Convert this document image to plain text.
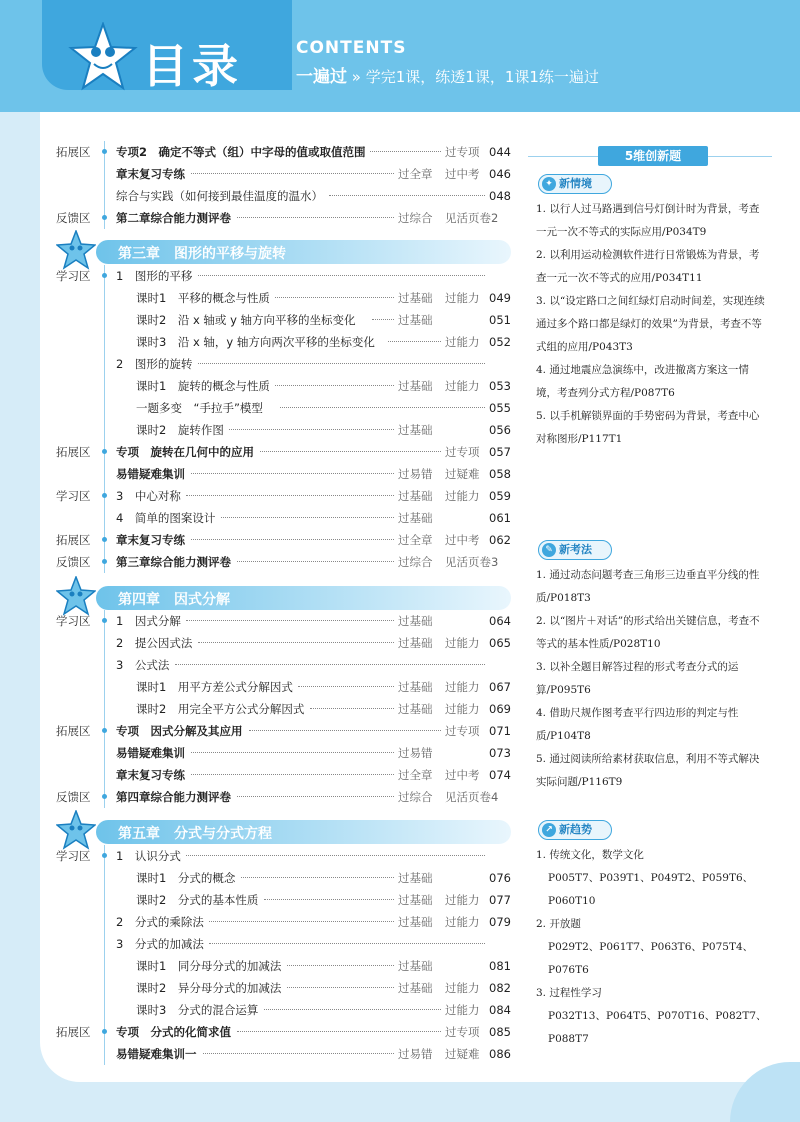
目录	CONTENTS
一遍过 » 学完1课，练透1课，1课1练一遍过
拓展区	专项2　确定不等式（组）中字母的值或取值范围	过专项 044
章末复习专练	过全章 过中考 046
综合与实践（如何接到最佳温度的温水）	048
反馈区	第二章综合能力测评卷	过综合 见活页卷2
第三章　图形的平移与旋转
学习区	1　图形的平移
课时1　平移的概念与性质	过基础 过能力 049
课时2　沿 x 轴或 y 轴方向平移的坐标变化	过基础	051
课时3　沿 x 轴，y 轴方向两次平移的坐标变化	过能力 052
2　图形的旋转
课时1　旋转的概念与性质	过基础 过能力 053
一题多变　“手拉手”模型	055
课时2　旋转作图	过基础	056
拓展区	专项　旋转在几何中的应用	过专项 057
易错疑难集训	过易错 过疑难 058
学习区	3　中心对称	过基础 过能力 059
4　简单的图案设计	过基础	061
拓展区	章末复习专练	过全章 过中考 062
反馈区	第三章综合能力测评卷	过综合 见活页卷3
第四章　因式分解
学习区	1　因式分解	过基础	064
2　提公因式法	过基础 过能力 065
3　公式法
课时1　用平方差公式分解因式	过基础 过能力 067
课时2　用完全平方公式分解因式	过基础 过能力 069
拓展区	专项　因式分解及其应用	过专项 071
易错疑难集训	过易错	073
章末复习专练	过全章 过中考 074
反馈区	第四章综合能力测评卷	过综合 见活页卷4
第五章　分式与分式方程
学习区	1　认识分式
课时1　分式的概念	过基础	076
课时2　分式的基本性质	过基础 过能力 077
2　分式的乘除法	过基础 过能力 079
3　分式的加减法
课时1　同分母分式的加减法	过基础	081
课时2　异分母分式的加减法	过基础 过能力 082
课时3　分式的混合运算	过能力 084
拓展区	专项　分式的化简求值	过专项 085
易错疑难集训一	过易错 过疑难 086
5维创新题
✦ 新情境
1. 以行人过马路遇到信号灯倒计时为背景，考查一元一次不等式的实际应用/P034T9
2. 以利用运动检测软件进行日常锻炼为背景，考查一元一次不等式的应用/P034T11
3. 以“设定路口之间红绿灯启动时间差，实现连续通过多个路口都是绿灯的效果”为背景，考查不等式组的应用/P043T3
4. 通过地震应急演练中，改进撤离方案这一情境，考查列分式方程/P087T6
5. 以手机解锁界面的手势密码为背景，考查中心对称图形/P117T1
✎ 新考法
1. 通过动态问题考查三角形三边垂直平分线的性质/P018T3
2. 以“图片＋对话”的形式给出关键信息，考查不等式的基本性质/P028T10
3. 以补全题目解答过程的形式考查分式的运算/P095T6
4. 借助尺规作图考查平行四边形的判定与性质/P104T8
5. 通过阅读所给素材获取信息，利用不等式解决实际问题/P116T9
↗ 新趋势
1. 传统文化，数学文化
P005T7、P039T1、P049T2、P059T6、P060T10
2. 开放题
P029T2、P061T7、P063T6、P075T4、P076T6
3. 过程性学习
P032T13、P064T5、P070T16、P082T7、P088T7
